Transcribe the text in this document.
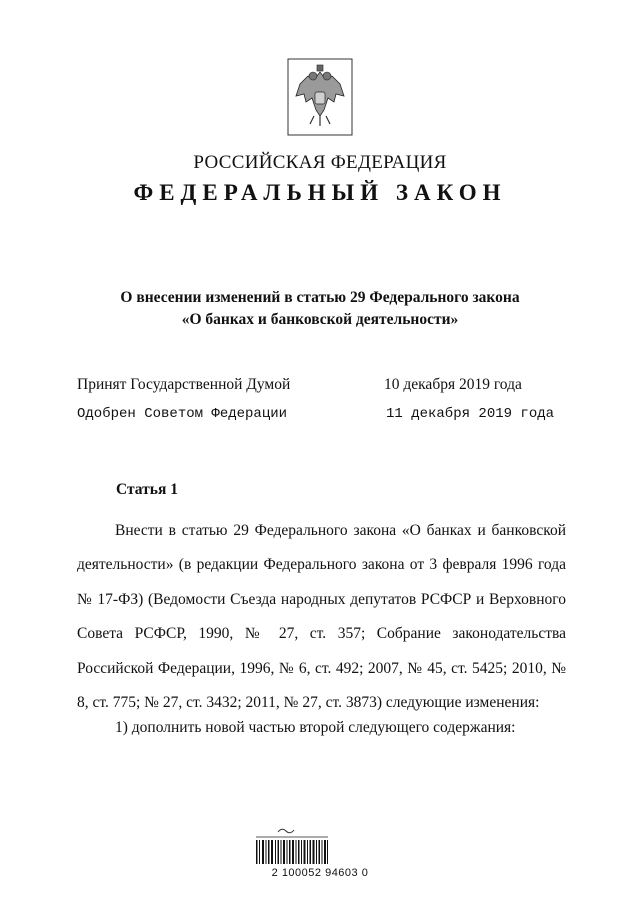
РОССИЙСКАЯ ФЕДЕРАЦИЯ
ФЕДЕРАЛЬНЫЙ ЗАКОН
О внесении изменений в статью 29 Федерального закона
«О банках и банковской деятельности»
Принят Государственной Думой	10 декабря 2019 года
Одобрен Советом Федерации	11 декабря 2019 года
Статья 1

Внести в статью 29 Федерального закона «О банках и банковской деятельности» (в редакции Федерального закона от 3 февраля 1996 года № 17-ФЗ) (Ведомости Съезда народных депутатов РСФСР и Верховного Совета РСФСР, 1990, № 27, ст. 357; Собрание законодательства Российской Федерации, 1996, № 6, ст. 492; 2007, № 45, ст. 5425; 2010, № 8, ст. 775; № 27, ст. 3432; 2011, № 27, ст. 3873) следующие изменения:

1) дополнить новой частью второй следующего содержания:

2 100052 94603 0
